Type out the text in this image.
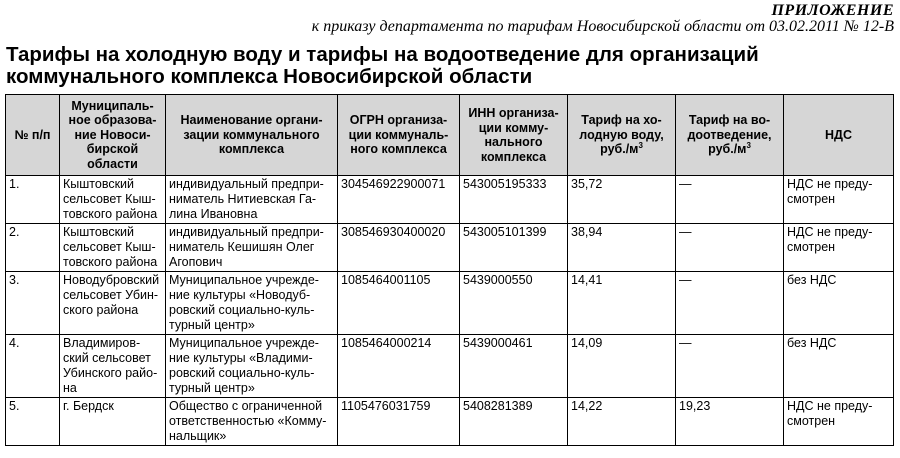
ПРИЛОЖЕНИЕ
к приказу департамента по тарифам Новосибирской области от 03.02.2011 № 12-В
Тарифы на холодную воду и тарифы на водоотведение для организаций
коммунального комплекса Новосибирской области
№ п/п	Муниципаль-
ное образова-
ние Новоси-
бирской
области	Наименование органи-
зации коммунального
комплекса	ОГРН организа-
ции коммуналь-
ного комплекса	ИНН организа-
ции комму-
нального
комплекса	Тариф на хо-
лодную воду,
$руб./м^3$	Тариф на во-
доотведение,
$руб./м^3$	НДС
1.	Кыштовский
сельсовет Кыш-
товского района	индивидуальный предпри-
ниматель Нитиевская Га-
лина Ивановна	304546922900071	543005195333	35,72	—	НДС не преду-
смотрен
2.	Кыштовский
сельсовет Кыш-
товского района	индивидуальный предпри-
ниматель Кешишян Олег
Агопович	308546930400020	543005101399	38,94	—	НДС не преду-
смотрен
3.	Новодубровский
сельсовет Убин-
ского района	Муниципальное учрежде-
ние культуры «Новодуб-
ровский социально-куль-
турный центр»	1085464001105	5439000550	14,41	—	без НДС
4.	Владимиров-
ский сельсовет
Убинского райо-
на	Муниципальное учрежде-
ние культуры «Владими-
ровский социально-куль-
турный центр»	1085464000214	5439000461	14,09	—	без НДС
5.	г. Бердск	Общество с ограниченной
ответственностью «Комму-
нальщик»	1105476031759	5408281389	14,22	19,23	НДС не преду-
смотрен
